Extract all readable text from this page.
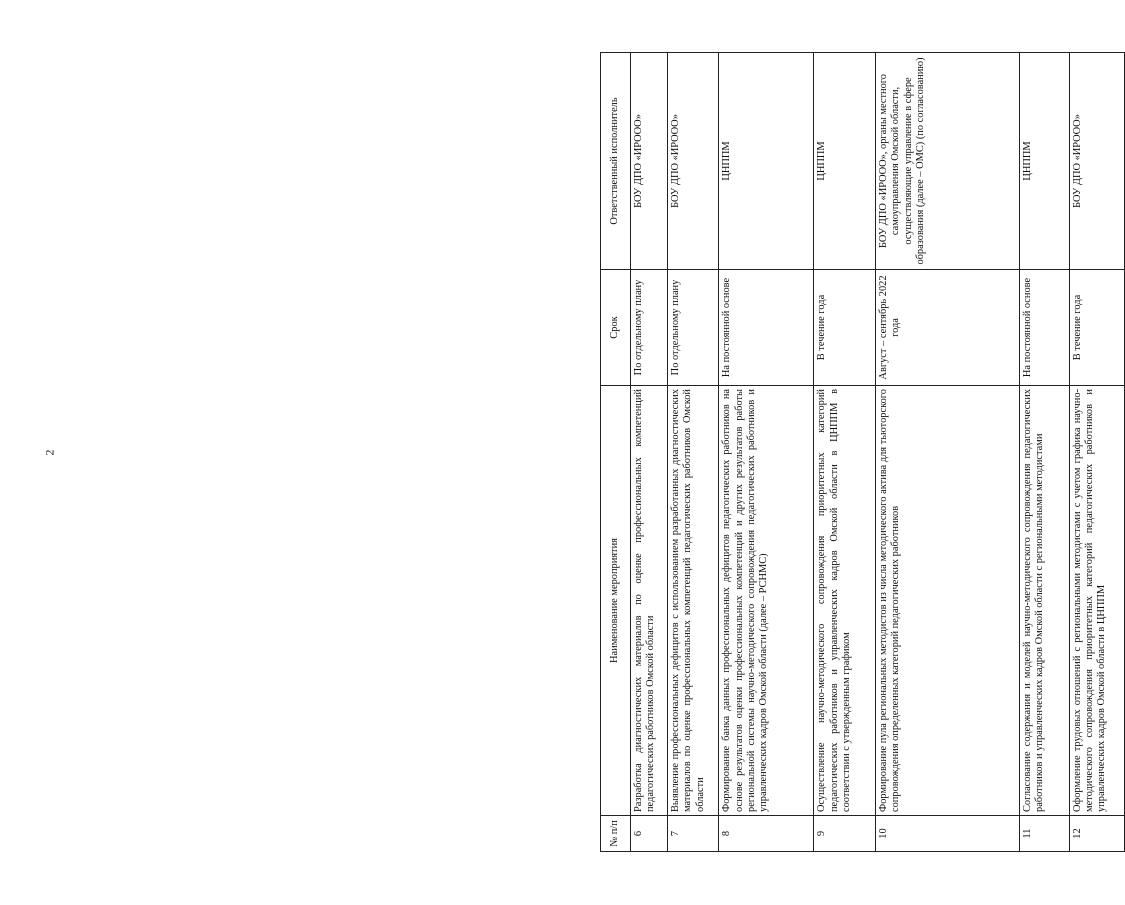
2
№ п/п	Наименование мероприятия	Срок	Ответственный исполнитель
6	Разработка диагностических материалов по оценке профессиональных компетенций педагогических работников Омской области	По отдельному плану	БОУ ДПО «ИРООО»
7	Выявление профессиональных дефицитов с использованием разработанных диагностических материалов по оценке профессиональных компетенций педагогических работников Омской области	По отдельному плану	БОУ ДПО «ИРООО»
8	Формирование банка данных профессиональных дефицитов педагогических работников на основе результатов оценки профессиональных компетенций и других результатов работы региональной системы научно-методического сопровождения педагогических работников и управленческих кадров Омской области (далее – РСНМС)	На постоянной основе	ЦНППМ
9	Осуществление научно-методического сопровождения приоритетных категорий педагогических работников и управленческих кадров Омской области в ЦНППМ в соответствии с утвержденным графиком	В течение года	ЦНППМ
10	Формирование пула региональных методистов из числа методического актива для тьюторского сопровождения определенных категорий педагогических работников	Август – сентябрь 2022 года	БОУ ДПО «ИРООО», органы местного самоуправления Омской области, осуществляющие управление в сфере образования (далее – ОМС) (по согласованию)
11	Согласование содержания и моделей научно-методического сопровождения педагогических работников и управленческих кадров Омской области с региональными методистами	На постоянной основе	ЦНППМ
12	Оформление трудовых отношений с региональными методистами с учетом графика научно-методического сопровождения приоритетных категорий педагогических работников и управленческих кадров Омской области в ЦНППМ	В течение года	БОУ ДПО «ИРООО»
